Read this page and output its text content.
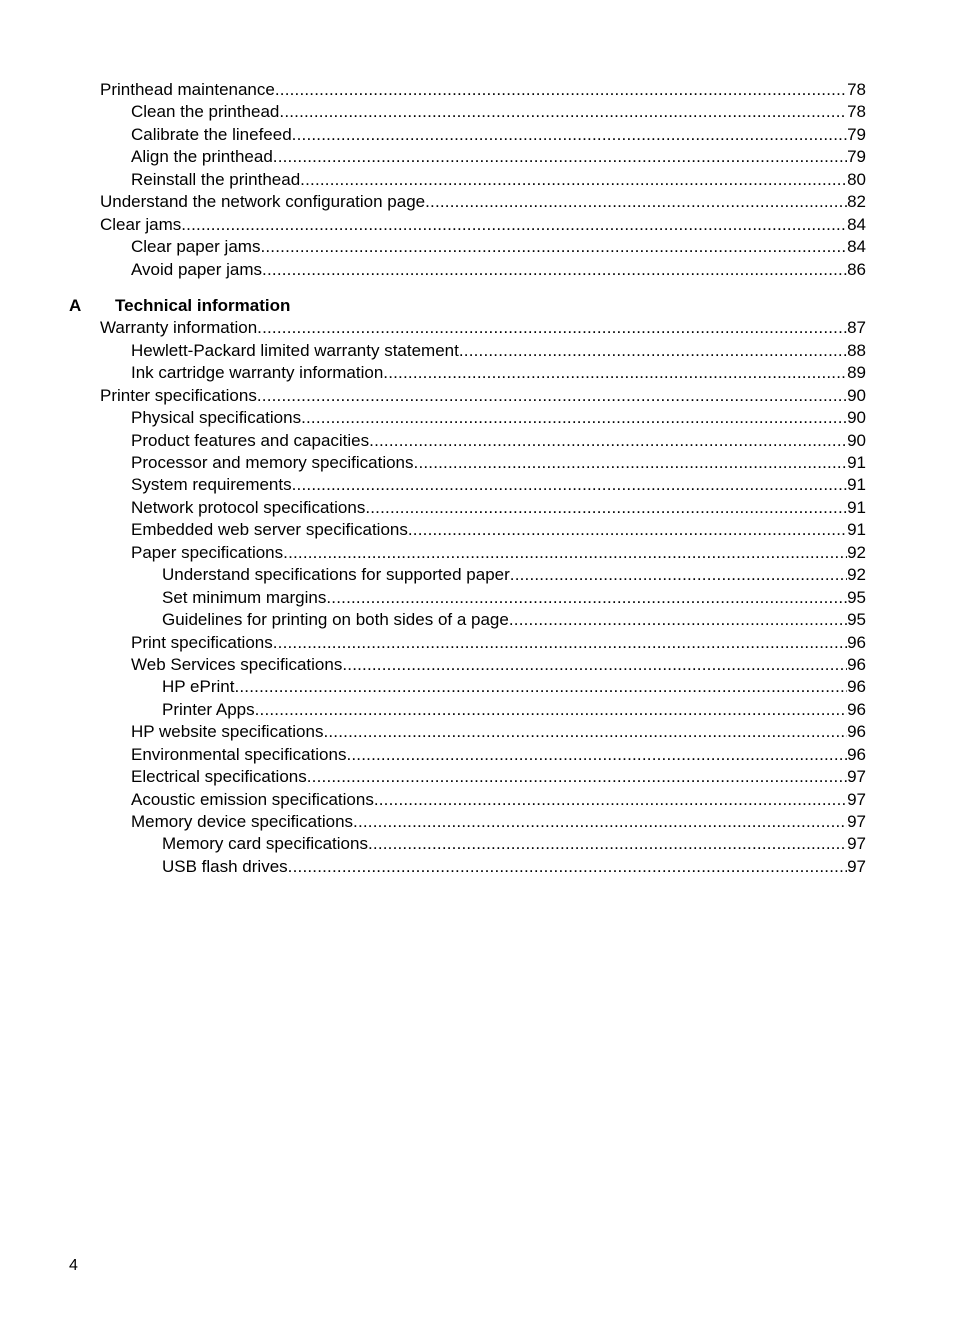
Printhead maintenance .....	78
Clean the printhead .....	78
Calibrate the linefeed .....	79
Align the printhead .....	79
Reinstall the printhead .....	80
Understand the network configuration page .....	82
Clear jams .....	84
Clear paper jams .....	84
Avoid paper jams .....	86
A Technical information
Warranty information .....	87
Hewlett-Packard limited warranty statement .....	88
Ink cartridge warranty information .....	89
Printer specifications .....	90
Physical specifications .....	90
Product features and capacities .....	90
Processor and memory specifications .....	91
System requirements .....	91
Network protocol specifications .....	91
Embedded web server specifications .....	91
Paper specifications .....	92
Understand specifications for supported paper .....	92
Set minimum margins .....	95
Guidelines for printing on both sides of a page .....	95
Print specifications .....	96
Web Services specifications .....	96
HP ePrint .....	96
Printer Apps .....	96
HP website specifications .....	96
Environmental specifications .....	96
Electrical specifications .....	97
Acoustic emission specifications .....	97
Memory device specifications .....	97
Memory card specifications .....	97
USB flash drives .....	97
4
